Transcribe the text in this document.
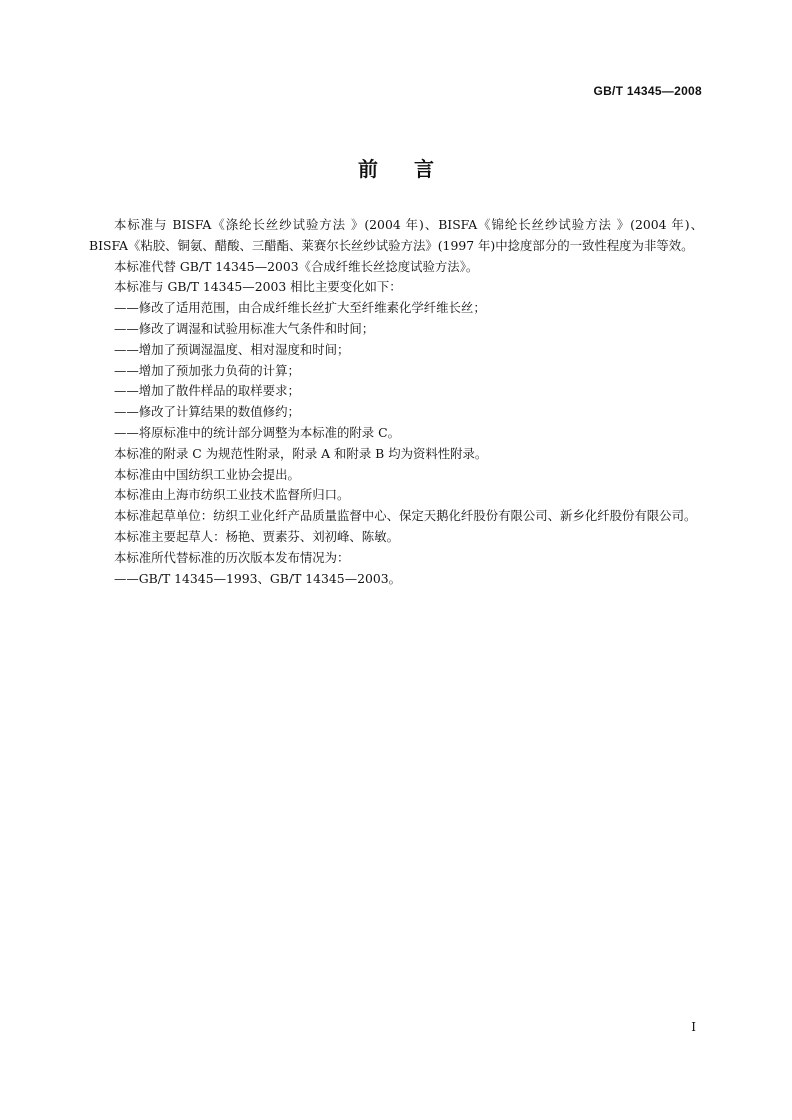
GB/T 14345—2008
前言

本标准与 BISFA《涤纶长丝纱试验方法 》(2004 年)、BISFA《锦纶长丝纱试验方法 》(2004 年)、BISFA《粘胶、铜氨、醋酸、三醋酯、莱赛尔长丝纱试验方法》(1997 年)中捻度部分的一致性程度为非等效。

本标准代替 GB/T 14345—2003《合成纤维长丝捻度试验方法》。

本标准与 GB/T 14345—2003 相比主要变化如下：

——修改了适用范围，由合成纤维长丝扩大至纤维素化学纤维长丝；

——修改了调湿和试验用标准大气条件和时间；

——增加了预调湿温度、相对湿度和时间；

——增加了预加张力负荷的计算；

——增加了散件样品的取样要求；

——修改了计算结果的数值修约；

——将原标准中的统计部分调整为本标准的附录 C。

本标准的附录 C 为规范性附录，附录 A 和附录 B 均为资料性附录。

本标准由中国纺织工业协会提出。

本标准由上海市纺织工业技术监督所归口。

本标准起草单位：纺织工业化纤产品质量监督中心、保定天鹅化纤股份有限公司、新乡化纤股份有限公司。

本标准主要起草人：杨艳、贾素芬、刘初峰、陈敏。

本标准所代替标准的历次版本发布情况为：

——GB/T 14345—1993、GB/T 14345—2003。

I
